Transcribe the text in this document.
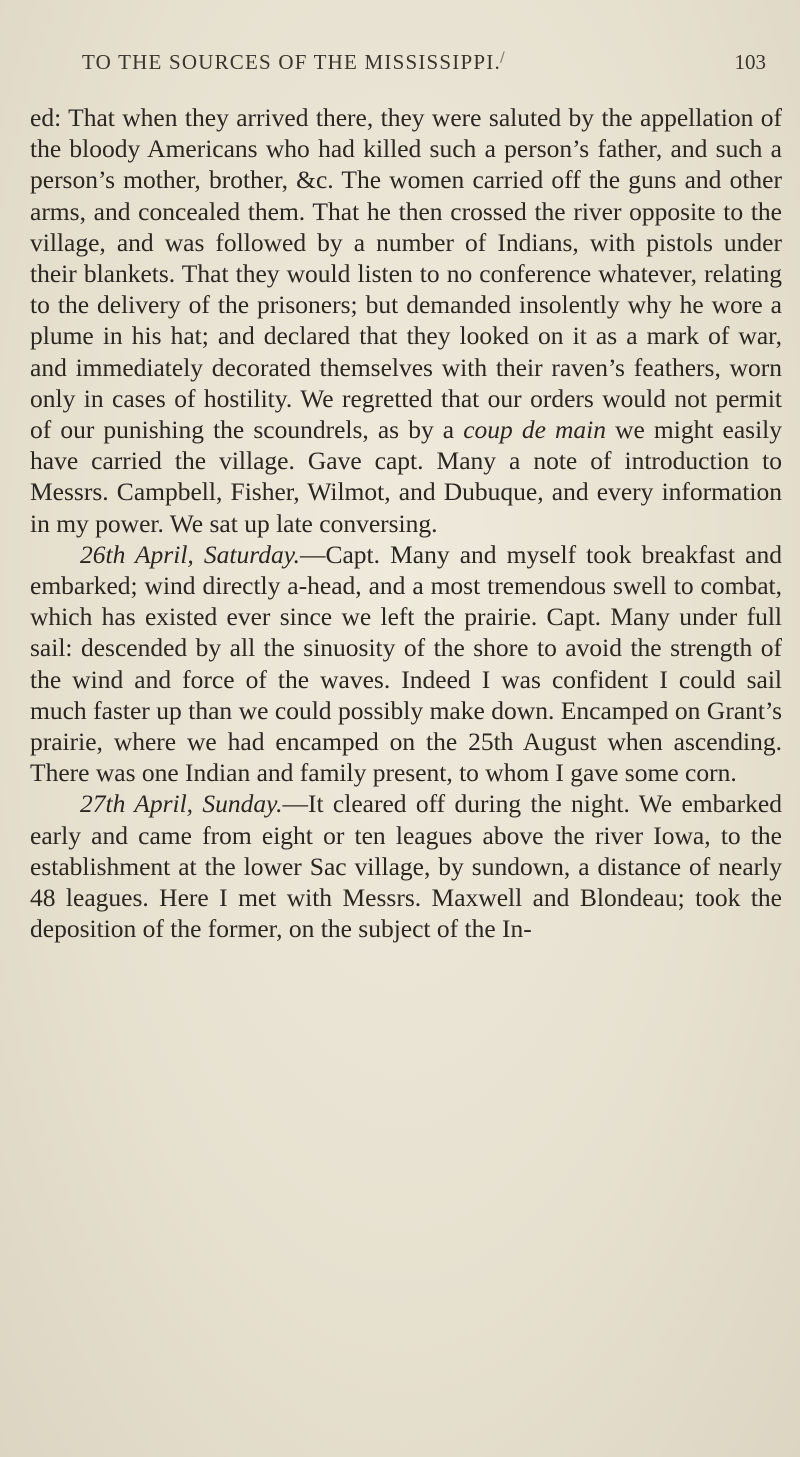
/
TO THE SOURCES OF THE MISSISSIPPI.	103

ed: That when they arrived there, they were saluted by the appellation of the bloody Americans who had killed such a person’s father, and such a person’s mother, brother, &c. The women carried off the guns and other arms, and concealed them. That he then crossed the river opposite to the village, and was followed by a number of Indians, with pistols under their blankets. That they would listen to no conference whatever, relating to the delivery of the prisoners; but demanded insolently why he wore a plume in his hat; and declared that they looked on it as a mark of war, and immediately decorated themselves with their raven’s feathers, worn only in cases of hostility. We regretted that our orders would not permit of our punishing the scoundrels, as by a coup de main we might easily have carried the village. Gave capt. Many a note of introduction to Messrs. Campbell, Fisher, Wilmot, and Dubuque, and every information in my power. We sat up late conversing.

26th April, Saturday.—Capt. Many and myself took breakfast and embarked; wind directly a-head, and a most tremendous swell to combat, which has existed ever since we left the prairie. Capt. Many under full sail: descended by all the sinuosity of the shore to avoid the strength of the wind and force of the waves. Indeed I was confident I could sail much faster up than we could possibly make down. Encamped on Grant’s prairie, where we had encamped on the 25th August when ascending. There was one Indian and family present, to whom I gave some corn.

27th April, Sunday.—It cleared off during the night. We embarked early and came from eight or ten leagues above the river Iowa, to the establishment at the lower Sac village, by sundown, a distance of nearly 48 leagues. Here I met with Messrs. Maxwell and Blondeau; took the deposition of the former, on the subject of the In-
